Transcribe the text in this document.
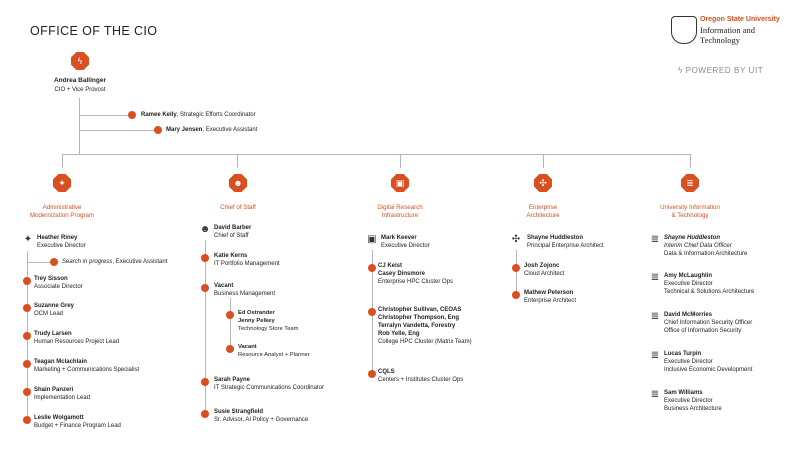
OFFICE OF THE CIO
Oregon State University
Information and
Technology
ϟ POWERED BY UIT
ϟ
Andrea Ballinger
CIO + Vice Provost
Ramee Kelly, Strategic Efforts Coordinator
Mary Jensen, Executive Assistant
✦	☻	▣	✣	≣
Administrative
Modernization Program
Chief of Staff	Digital Research
Infrastructure
Enterprise
Architecture
University Information
& Technology
✦ Heather Riney
Executive Director
Search in progress, Executive Assistant
Trey Sisson
Associate Director
Suzanne Grey
OCM Lead
Trudy Larsen
Human Resources Project Lead
Teagan Mclachlain
Marketing + Communications Specialist
Shain Panzeri
Implementation Lead
Leslie Wolgamott
Budget + Finance Program Lead
☻ David Barber
Chief of Staff
Katie Kerns
IT Portfolio Management
Vacant
Business Management
Ed Ostrander
Jenny Pelkey
Technology Store Team
Vacant
Resource Analyst + Planner
Sarah Payne
IT Strategic Communications Coordinator
Susie Strangfield
Sr. Advisor, AI Policy + Governance
▣ Mark Keever
Executive Director
CJ Keist
Casey Dinsmore
Enterprise HPC Cluster Ops
Christopher Sullivan, CEOAS
Christopher Thompson, Eng
Terralyn Vandetta, Forestry
Rob Yelle, Eng
College HPC Cluster (Matrix Team)
CQLS
Centers + Institutes Cluster Ops
✣	Shayne Huddleston
Principal Enterprise Architect
Josh Zojonc
Cloud Architect
Mathew Peterson
Enterprise Architect
≣ Shayne Huddleston
Interim Chief Data Officer
Data & Information Architecture
≣ Amy McLaughlin
Executive Director
Technical & Solutions Architecture
≣ David McMorries
Chief Information Security Officer
Office of Information Security
≣ Lucas Turpin
Executive Director
Inclusive Economic Development
≣ Sam Williams
Executive Director
Business Architecture
